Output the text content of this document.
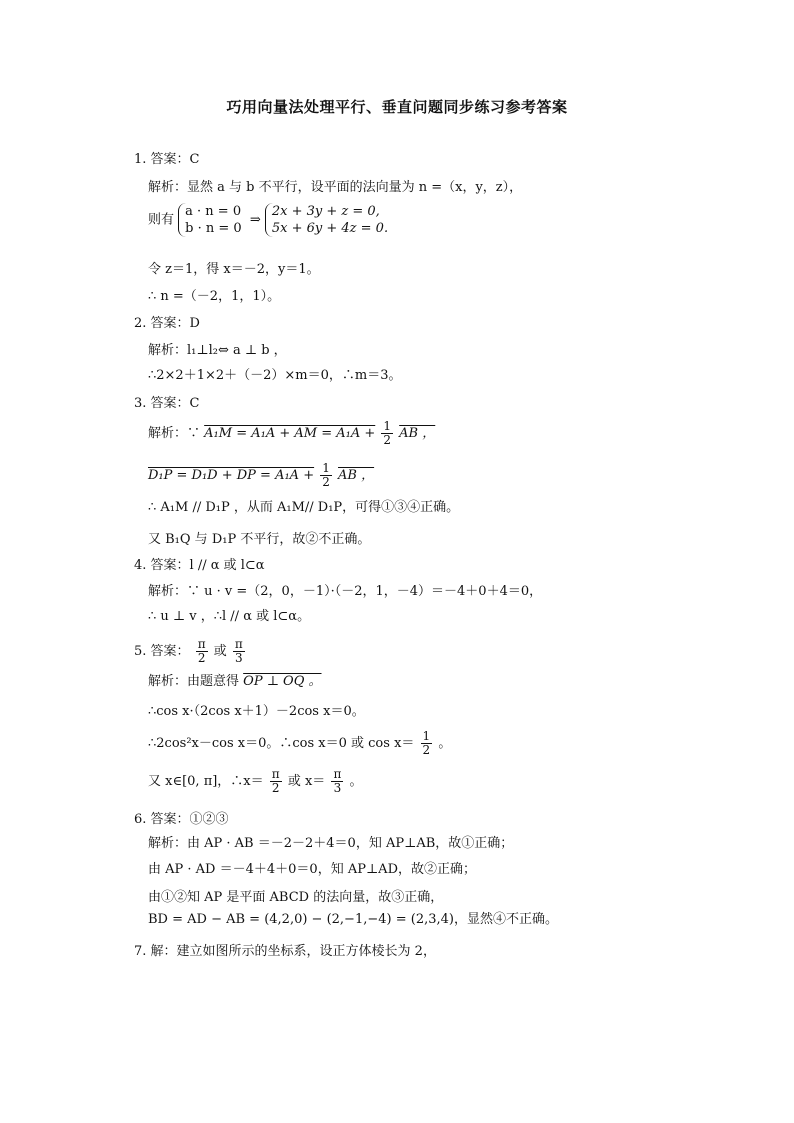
巧用向量法处理平行、垂直问题同步练习参考答案
1. 答案：C
解析：显然 a 与 b 不平行，设平面的法向量为 n =（x，y，z），
则有
a · n = 0
b · n = 0
⇒
2x + 3y + z = 0,
5x + 6y + 4z = 0.
令 z＝1，得 x＝－2，y＝1。
∴ n =（－2，1，1）。
2. 答案：D
解析：l₁⊥l₂⇔ a ⊥ b ，
∴2×2＋1×2＋（－2）×m＝0，∴m＝3。
3. 答案：C
解析：∵ A₁M = A₁A + AM = $A_1A + \frac{1}{2}$ AB ，
D₁P = D₁D + DP = $A_1A + \frac{1}{2}$ AB ，
∴ A₁M // D₁P ，从而 A₁M// D₁P，可得①③④正确。
又 B₁Q 与 D₁P 不平行，故②不正确。
4. 答案：l // α 或 l⊂α
解析：∵ u · v =（2，0，－1）·（－2，1，－4）＝－4＋0＋4＝0，
∴ u ⊥ v ，∴l // α 或 l⊂α。
5. 答案： $\frac{\pi}{2}$ 或 $\frac{\pi}{3}$
解析：由题意得 OP ⊥ OQ 。
∴cos x·（2cos x＋1）－2cos x＝0。
∴2cos²x－cos x＝0。∴cos x＝0 或 $\cos x= \frac{1}{2}$ 。
又 x∈[0, π]，∴x＝ $\frac{\pi}{2}$ 或 $x= \frac{\pi}{3}$ 。
6. 答案：①②③
解析：由 AP · AB ＝－2－2＋4＝0，知 AP⊥AB，故①正确；
由 AP · AD ＝－4＋4＋0＝0，知 AP⊥AD，故②正确；
由①②知 AP 是平面 ABCD 的法向量，故③正确，
BD = AD − AB = (4,2,0) − (2,−1,−4) = (2,3,4)，显然④不正确。
7. 解：建立如图所示的坐标系，设正方体棱长为 2，
